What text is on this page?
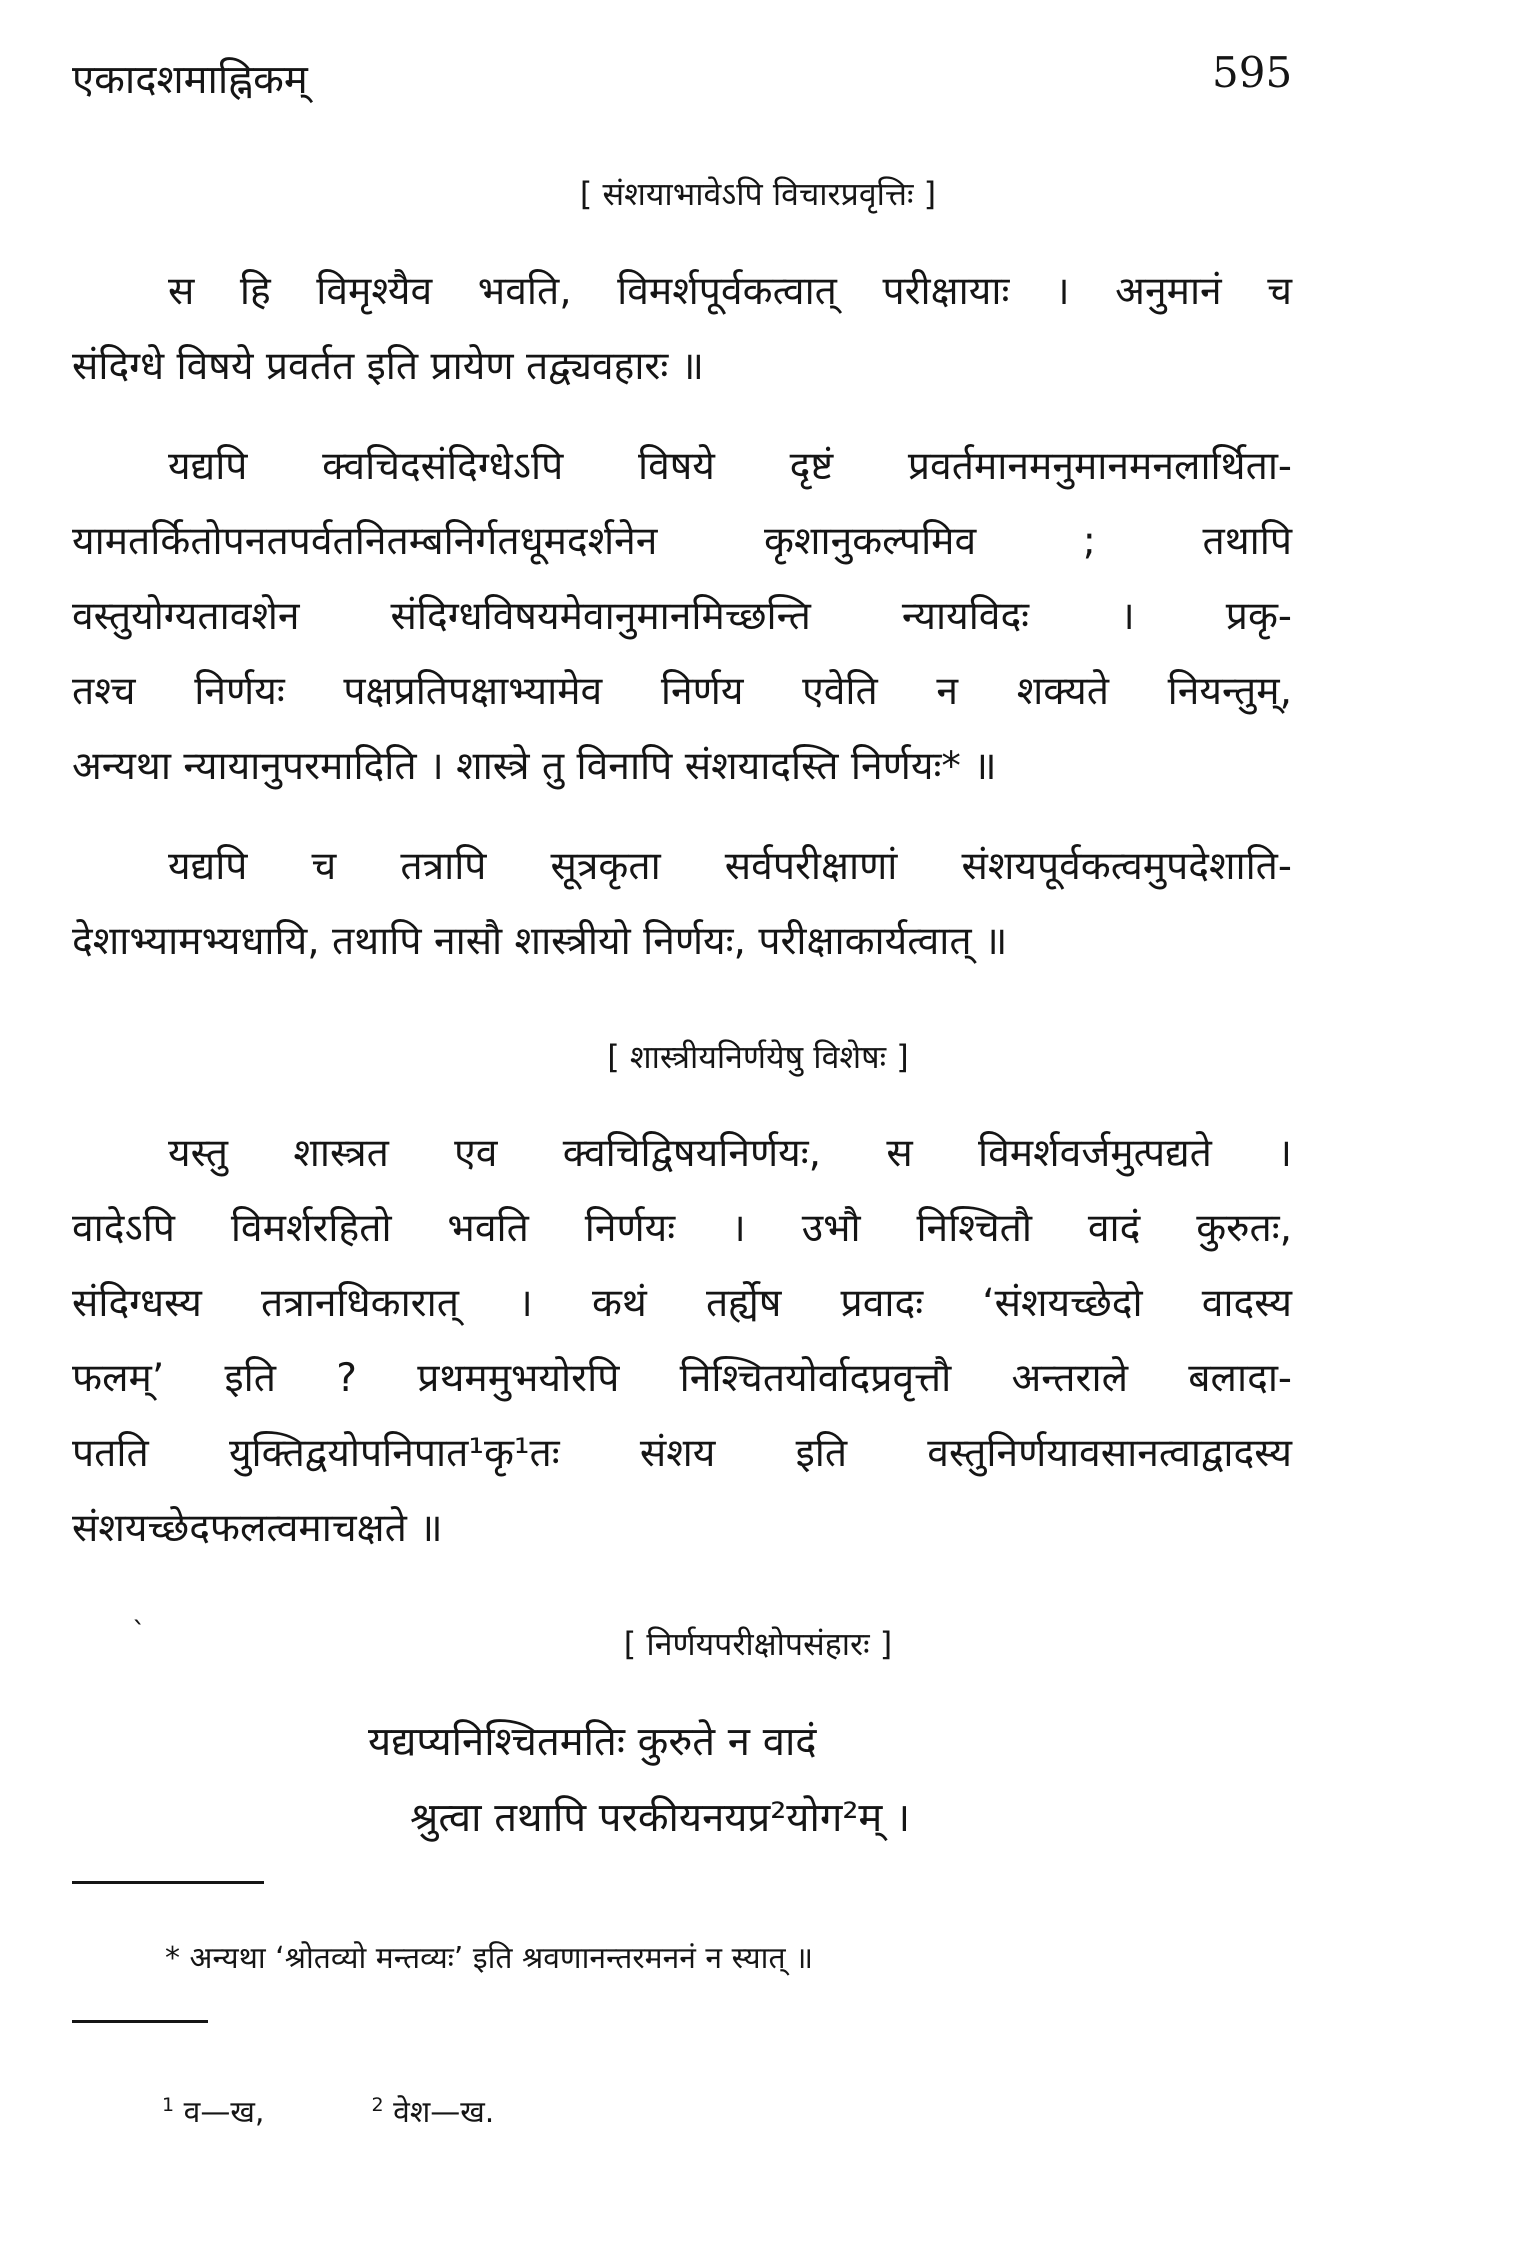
एकादशमाह्निकम्	595
[ संशयाभावेऽपि विचारप्रवृत्तिः ]
स हि विमृश्यैव भवति, विमर्शपूर्वकत्वात् परीक्षायाः । अनुमानं च
संदिग्धे विषये प्रवर्तत इति प्रायेण तद्व्यवहारः ॥
यद्यपि क्वचिदसंदिग्धेऽपि विषये दृष्टं प्रवर्तमानमनुमानमनलार्थिता-
यामतर्कितोपनतपर्वतनितम्बनिर्गतधूमदर्शनेन कृशानुकल्पमिव ; तथापि
वस्तुयोग्यतावशेन संदिग्धविषयमेवानुमानमिच्छन्ति न्यायविदः । प्रकृ-
तश्च निर्णयः पक्षप्रतिपक्षाभ्यामेव निर्णय एवेति न शक्यते नियन्तुम्,
अन्यथा न्यायानुपरमादिति । शास्त्रे तु विनापि संशयादस्ति निर्णयः* ॥
यद्यपि च तत्रापि सूत्रकृता सर्वपरीक्षाणां संशयपूर्वकत्वमुपदेशाति-
देशाभ्यामभ्यधायि, तथापि नासौ शास्त्रीयो निर्णयः, परीक्षाकार्यत्वात् ॥
[ शास्त्रीयनिर्णयेषु विशेषः ]
यस्तु शास्त्रत एव क्वचिद्विषयनिर्णयः, स विमर्शवर्जमुत्पद्यते ।
वादेऽपि विमर्शरहितो भवति निर्णयः । उभौ निश्चितौ वादं कुरुतः,
संदिग्धस्य तत्रानधिकारात् । कथं तर्ह्येष प्रवादः ‘संशयच्छेदो वादस्य
फलम्’ इति ? प्रथममुभयोरपि निश्चितयोर्वादप्रवृत्तौ अन्तराले बलादा-
पतति युक्तिद्वयोपनिपात¹कृ¹तः संशय इति वस्तुनिर्णयावसानत्वाद्वादस्य
संशयच्छेदफलत्वमाचक्षते ॥
ˎ
[ निर्णयपरीक्षोपसंहारः ]
यद्यप्यनिश्चितमतिः कुरुते न वादं
श्रुत्वा तथापि परकीयनयप्र²योग²म् ।
* अन्यथा ‘श्रोतव्यो मन्तव्यः’ इति श्रवणानन्तरमननं न स्यात् ॥
$^1$ व—ख,	$^2$ वेश—ख.
